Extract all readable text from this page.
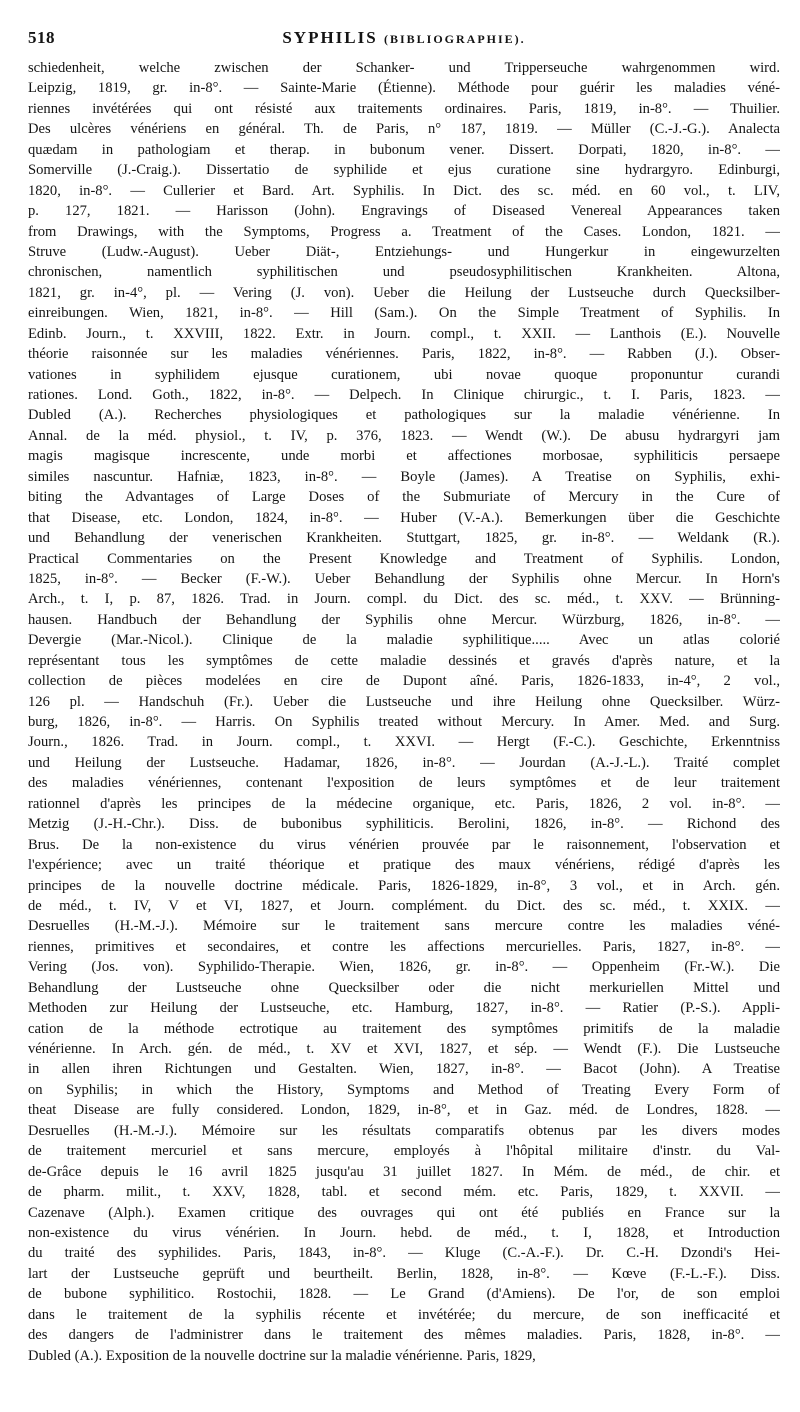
518	SYPHILIS (BIBLIOGRAPHIE).
schiedenheit, welche zwischen der Schanker- und Tripperseuche wahrgenommen wird.
Leipzig, 1819, gr. in-8°. — Sainte-Marie (Étienne). Méthode pour guérir les maladies véné-
riennes invétérées qui ont résisté aux traitements ordinaires. Paris, 1819, in-8°. — Thuilier.
Des ulcères vénériens en général. Th. de Paris, n° 187, 1819. — Müller (C.-J.-G.). Analecta
quædam in pathologiam et therap. in bubonum vener. Dissert. Dorpati, 1820, in-8°. —
Somerville (J.-Craig.). Dissertatio de syphilide et ejus curatione sine hydrargyro. Edinburgi,
1820, in-8°. — Cullerier et Bard. Art. Syphilis. In Dict. des sc. méd. en 60 vol., t. LIV,
p. 127, 1821. — Harisson (John). Engravings of Diseased Venereal Appearances taken
from Drawings, with the Symptoms, Progress a. Treatment of the Cases. London, 1821. —
Struve (Ludw.-August). Ueber Diät-, Entziehungs- und Hungerkur in eingewurzelten
chronischen, namentlich syphilitischen und pseudosyphilitischen Krankheiten. Altona,
1821, gr. in-4°, pl. — Vering (J. von). Ueber die Heilung der Lustseuche durch Quecksilber-
einreibungen. Wien, 1821, in-8°. — Hill (Sam.). On the Simple Treatment of Syphilis. In
Edinb. Journ., t. XXVIII, 1822. Extr. in Journ. compl., t. XXII. — Lanthois (E.). Nouvelle
théorie raisonnée sur les maladies vénériennes. Paris, 1822, in-8°. — Rabben (J.). Obser-
vationes in syphilidem ejusque curationem, ubi novae quoque proponuntur curandi
rationes. Lond. Goth., 1822, in-8°. — Delpech. In Clinique chirurgic., t. I. Paris, 1823. —
Dubled (A.). Recherches physiologiques et pathologiques sur la maladie vénérienne. In
Annal. de la méd. physiol., t. IV, p. 376, 1823. — Wendt (W.). De abusu hydrargyri jam
magis magisque increscente, unde morbi et affectiones morbosae, syphiliticis persaepe
similes nascuntur. Hafniæ, 1823, in-8°. — Boyle (James). A Treatise on Syphilis, exhi-
biting the Advantages of Large Doses of the Submuriate of Mercury in the Cure of
that Disease, etc. London, 1824, in-8°. — Huber (V.-A.). Bemerkungen über die Geschichte
und Behandlung der venerischen Krankheiten. Stuttgart, 1825, gr. in-8°. — Weldank (R.).
Practical Commentaries on the Present Knowledge and Treatment of Syphilis. London,
1825, in-8°. — Becker (F.-W.). Ueber Behandlung der Syphilis ohne Mercur. In Horn's
Arch., t. I, p. 87, 1826. Trad. in Journ. compl. du Dict. des sc. méd., t. XXV. — Brünning-
hausen. Handbuch der Behandlung der Syphilis ohne Mercur. Würzburg, 1826, in-8°. —
Devergie (Mar.-Nicol.). Clinique de la maladie syphilitique..... Avec un atlas colorié
représentant tous les symptômes de cette maladie dessinés et gravés d'après nature, et la
collection de pièces modelées en cire de Dupont aîné. Paris, 1826-1833, in-4°, 2 vol.,
126 pl. — Handschuh (Fr.). Ueber die Lustseuche und ihre Heilung ohne Quecksilber. Würz-
burg, 1826, in-8°. — Harris. On Syphilis treated without Mercury. In Amer. Med. and Surg.
Journ., 1826. Trad. in Journ. compl., t. XXVI. — Hergt (F.-C.). Geschichte, Erkenntniss
und Heilung der Lustseuche. Hadamar, 1826, in-8°. — Jourdan (A.-J.-L.). Traité complet
des maladies vénériennes, contenant l'exposition de leurs symptômes et de leur traitement
rationnel d'après les principes de la médecine organique, etc. Paris, 1826, 2 vol. in-8°. —
Metzig (J.-H.-Chr.). Diss. de bubonibus syphiliticis. Berolini, 1826, in-8°. — Richond des
Brus. De la non-existence du virus vénérien prouvée par le raisonnement, l'observation et
l'expérience; avec un traité théorique et pratique des maux vénériens, rédigé d'après les
principes de la nouvelle doctrine médicale. Paris, 1826-1829, in-8°, 3 vol., et in Arch. gén.
de méd., t. IV, V et VI, 1827, et Journ. complément. du Dict. des sc. méd., t. XXIX. —
Desruelles (H.-M.-J.). Mémoire sur le traitement sans mercure contre les maladies véné-
riennes, primitives et secondaires, et contre les affections mercurielles. Paris, 1827, in-8°. —
Vering (Jos. von). Syphilido-Therapie. Wien, 1826, gr. in-8°. — Oppenheim (Fr.-W.). Die
Behandlung der Lustseuche ohne Quecksilber oder die nicht merkuriellen Mittel und
Methoden zur Heilung der Lustseuche, etc. Hamburg, 1827, in-8°. — Ratier (P.-S.). Appli-
cation de la méthode ectrotique au traitement des symptômes primitifs de la maladie
vénérienne. In Arch. gén. de méd., t. XV et XVI, 1827, et sép. — Wendt (F.). Die Lustseuche
in allen ihren Richtungen und Gestalten. Wien, 1827, in-8°. — Bacot (John). A Treatise
on Syphilis; in which the History, Symptoms and Method of Treating Every Form of
theat Disease are fully considered. London, 1829, in-8°, et in Gaz. méd. de Londres, 1828. —
Desruelles (H.-M.-J.). Mémoire sur les résultats comparatifs obtenus par les divers modes
de traitement mercuriel et sans mercure, employés à l'hôpital militaire d'instr. du Val-
de-Grâce depuis le 16 avril 1825 jusqu'au 31 juillet 1827. In Mém. de méd., de chir. et
de pharm. milit., t. XXV, 1828, tabl. et second mém. etc. Paris, 1829, t. XXVII. —
Cazenave (Alph.). Examen critique des ouvrages qui ont été publiés en France sur la
non-existence du virus vénérien. In Journ. hebd. de méd., t. I, 1828, et Introduction
du traité des syphilides. Paris, 1843, in-8°. — Kluge (C.-A.-F.). Dr. C.-H. Dzondi's Hei-
lart der Lustseuche geprüft und beurtheilt. Berlin, 1828, in-8°. — Kœve (F.-L.-F.). Diss.
de bubone syphilitico. Rostochii, 1828. — Le Grand (d'Amiens). De l'or, de son emploi
dans le traitement de la syphilis récente et invétérée; du mercure, de son inefficacité et
des dangers de l'administrer dans le traitement des mêmes maladies. Paris, 1828, in-8°. —
Dubled (A.). Exposition de la nouvelle doctrine sur la maladie vénérienne. Paris, 1829,
